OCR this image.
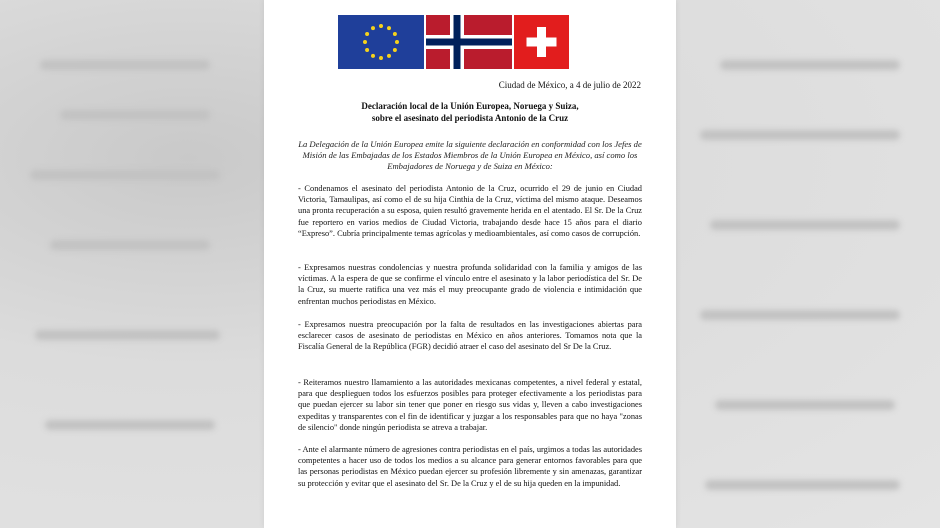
Ciudad de México, a 4 de julio de 2022
Declaración local de la Unión Europea, Noruega y Suiza,
sobre el asesinato del periodista Antonio de la Cruz
La Delegación de la Unión Europea emite la siguiente declaración en conformidad con los Jefes de Misión de las Embajadas de los Estados Miembros de la Unión Europea en México, así como los Embajadores de Noruega y de Suiza en México:
- Condenamos el asesinato del periodista Antonio de la Cruz, ocurrido el 29 de junio en Ciudad Victoria, Tamaulipas, así como el de su hija Cinthia de la Cruz, víctima del mismo ataque. Deseamos una pronta recuperación a su esposa, quien resultó gravemente herida en el atentado. El Sr. De la Cruz fue reportero en varios medios de Ciudad Victoria, trabajando desde hace 15 años para el diario “Expreso”. Cubría principalmente temas agrícolas y medioambientales, así como casos de corrupción.
- Expresamos nuestras condolencias y nuestra profunda solidaridad con la familia y amigos de las víctimas. A la espera de que se confirme el vínculo entre el asesinato y la labor periodística del Sr. De la Cruz, su muerte ratifica una vez más el muy preocupante grado de violencia e intimidación que enfrentan muchos periodistas en México.
- Expresamos nuestra preocupación por la falta de resultados en las investigaciones abiertas para esclarecer casos de asesinato de periodistas en México en años anteriores. Tomamos nota que la Fiscalía General de la República (FGR) decidió atraer el caso del asesinato del Sr De la Cruz.
- Reiteramos nuestro llamamiento a las autoridades mexicanas competentes, a nivel federal y estatal, para que desplieguen todos los esfuerzos posibles para proteger efectivamente a los periodistas para que puedan ejercer su labor sin tener que poner en riesgo sus vidas y, lleven a cabo investigaciones expeditas y transparentes con el fin de identificar y juzgar a los responsables para que no haya "zonas de silencio" donde ningún periodista se atreva a trabajar.
- Ante el alarmante número de agresiones contra periodistas en el país, urgimos a todas las autoridades competentes a hacer uso de todos los medios a su alcance para generar entornos favorables para que las personas periodistas en México puedan ejercer su profesión libremente y sin amenazas, garantizar su protección y evitar que el asesinato del Sr. De la Cruz y el de su hija queden en la impunidad.
